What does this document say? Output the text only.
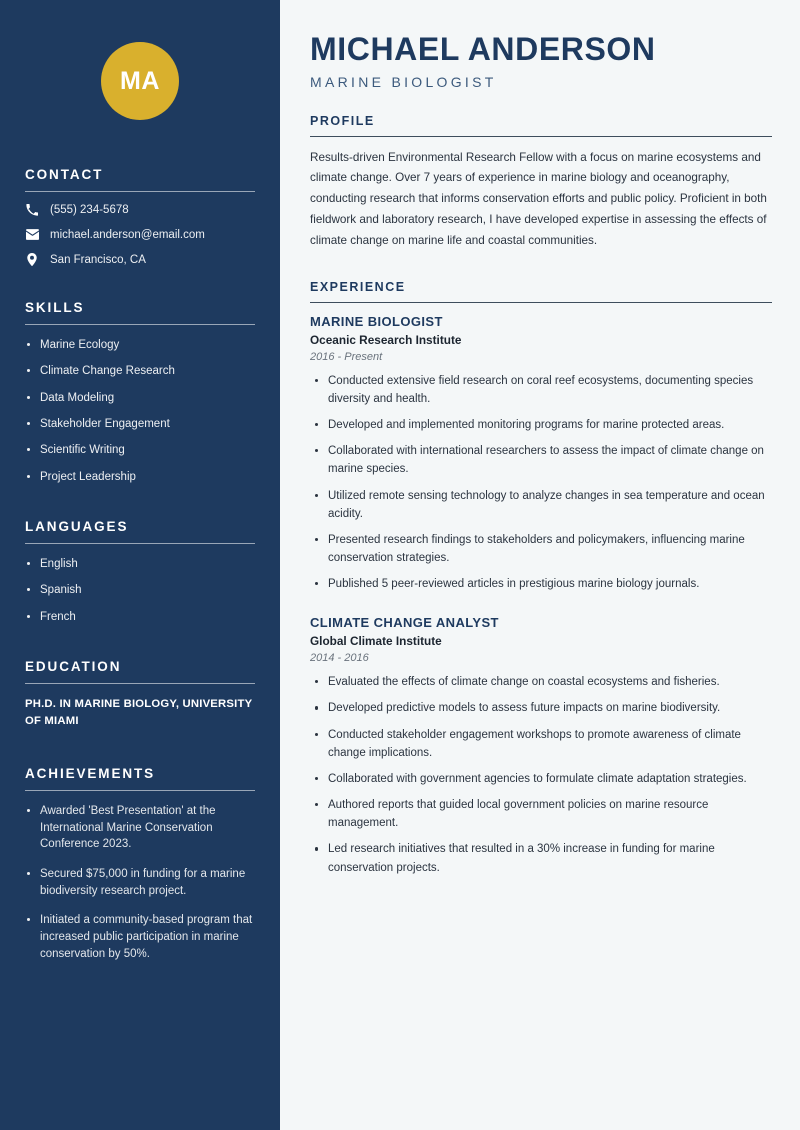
MA
CONTACT
(555) 234-5678
michael.anderson@email.com
San Francisco, CA
SKILLS
Marine Ecology
Climate Change Research
Data Modeling
Stakeholder Engagement
Scientific Writing
Project Leadership
LANGUAGES
English
Spanish
French
EDUCATION
PH.D. IN MARINE BIOLOGY, UNIVERSITY OF MIAMI
ACHIEVEMENTS
Awarded 'Best Presentation' at the International Marine Conservation Conference 2023.
Secured $75,000 in funding for a marine biodiversity research project.
Initiated a community-based program that increased public participation in marine conservation by 50%.
MICHAEL ANDERSON
MARINE BIOLOGIST
PROFILE

Results-driven Environmental Research Fellow with a focus on marine ecosystems and climate change. Over 7 years of experience in marine biology and oceanography, conducting research that informs conservation efforts and public policy. Proficient in both fieldwork and laboratory research, I have developed expertise in assessing the effects of climate change on marine life and coastal communities.

EXPERIENCE
MARINE BIOLOGIST
Oceanic Research Institute
2016 - Present
Conducted extensive field research on coral reef ecosystems, documenting species diversity and health.
Developed and implemented monitoring programs for marine protected areas.
Collaborated with international researchers to assess the impact of climate change on marine species.
Utilized remote sensing technology to analyze changes in sea temperature and ocean acidity.
Presented research findings to stakeholders and policymakers, influencing marine conservation strategies.
Published 5 peer-reviewed articles in prestigious marine biology journals.
CLIMATE CHANGE ANALYST
Global Climate Institute
2014 - 2016
Evaluated the effects of climate change on coastal ecosystems and fisheries.
Developed predictive models to assess future impacts on marine biodiversity.
Conducted stakeholder engagement workshops to promote awareness of climate change implications.
Collaborated with government agencies to formulate climate adaptation strategies.
Authored reports that guided local government policies on marine resource management.
Led research initiatives that resulted in a 30% increase in funding for marine conservation projects.
